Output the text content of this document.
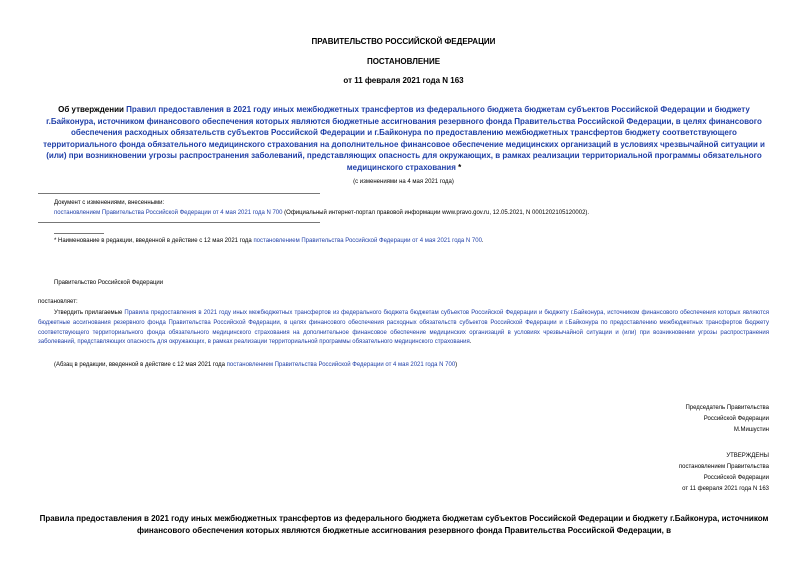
ПРАВИТЕЛЬСТВО РОССИЙСКОЙ ФЕДЕРАЦИИ
ПОСТАНОВЛЕНИЕ
от 11 февраля 2021 года N 163
Об утверждении Правил предоставления в 2021 году иных межбюджетных трансфертов из федерального бюджета бюджетам субъектов Российской Федерации и бюджету г.Байконура, источником финансового обеспечения которых являются бюджетные ассигнования резервного фонда Правительства Российской Федерации, в целях финансового обеспечения расходных обязательств субъектов Российской Федерации и г.Байконура по предоставлению межбюджетных трансфертов бюджету соответствующего территориального фонда обязательного медицинского страхования на дополнительное финансовое обеспечение медицинских организаций в условиях чрезвычайной ситуации и (или) при возникновении угрозы распространения заболеваний, представляющих опасность для окружающих, в рамках реализации территориальной программы обязательного медицинского страхования *
(с изменениями на 4 мая 2021 года)
Документ с изменениями, внесенными:
постановлением Правительства Российской Федерации от 4 мая 2021 года N 700 (Официальный интернет-портал правовой информации www.pravo.gov.ru, 12.05.2021, N 0001202105120002).
* Наименование в редакции, введенной в действие с 12 мая 2021 года постановлением Правительства Российской Федерации от 4 мая 2021 года N 700.
Правительство Российской Федерации
постановляет:
Утвердить прилагаемые Правила предоставления в 2021 году иных межбюджетных трансфертов из федерального бюджета бюджетам субъектов Российской Федерации и бюджету г.Байконура, источником финансового обеспечения которых являются бюджетные ассигнования резервного фонда Правительства Российской Федерации, в целях финансового обеспечения расходных обязательств субъектов Российской Федерации и г.Байконура по предоставлению межбюджетных трансфертов бюджету соответствующего территориального фонда обязательного медицинского страхования на дополнительное финансовое обеспечение медицинских организаций в условиях чрезвычайной ситуации и (или) при возникновении угрозы распространения заболеваний, представляющих опасность для окружающих, в рамках реализации территориальной программы обязательного медицинского страхования.
(Абзац в редакции, введенной в действие с 12 мая 2021 года постановлением Правительства Российской Федерации от 4 мая 2021 года N 700)
Председатель Правительства
Российской Федерации
М.Мишустин
УТВЕРЖДЕНЫ
постановлением Правительства
Российской Федерации
от 11 февраля 2021 года N 163
Правила предоставления в 2021 году иных межбюджетных трансфертов из федерального бюджета бюджетам субъектов Российской Федерации и бюджету г.Байконура, источником финансового обеспечения которых являются бюджетные ассигнования резервного фонда Правительства Российской Федерации, в
